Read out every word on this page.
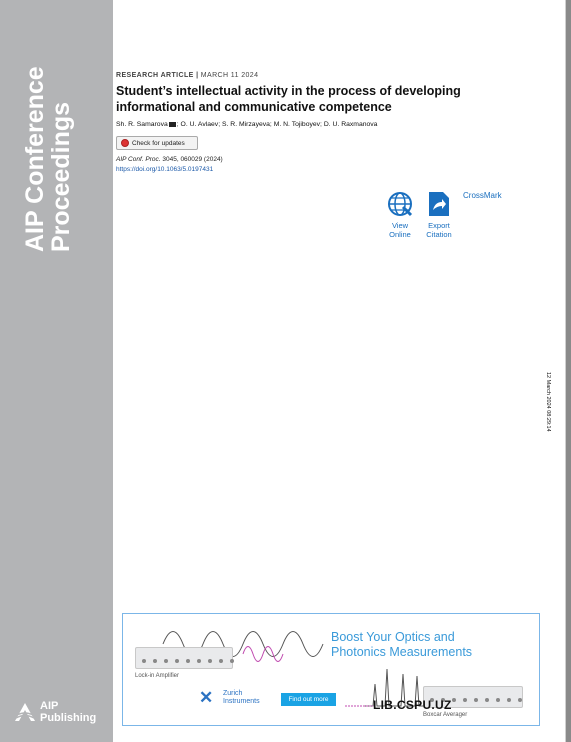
AIP Conference
Proceedings
AIP
Publishing
RESEARCH ARTICLE | MARCH 11 2024
Student’s intellectual activity in the process of developing informational and communicative competence
Sh. R. Samarova ; O. U. Avlaev; S. R. Mirzayeva; M. N. Tojiboyev; D. U. Raxmanova
Check for updates
AIP Conf. Proc. 3045, 060029 (2024)
https://doi.org/10.1063/5.0197431
View
Online
Export
Citation
CrossMark
12 March 2024 08:29:14
Lock-in Amplifier
Boost Your Optics and
Photonics Measurements
✕ Zurich
Instruments	Find out more
Boxcar Averager
LIB.CSPU.UZ
